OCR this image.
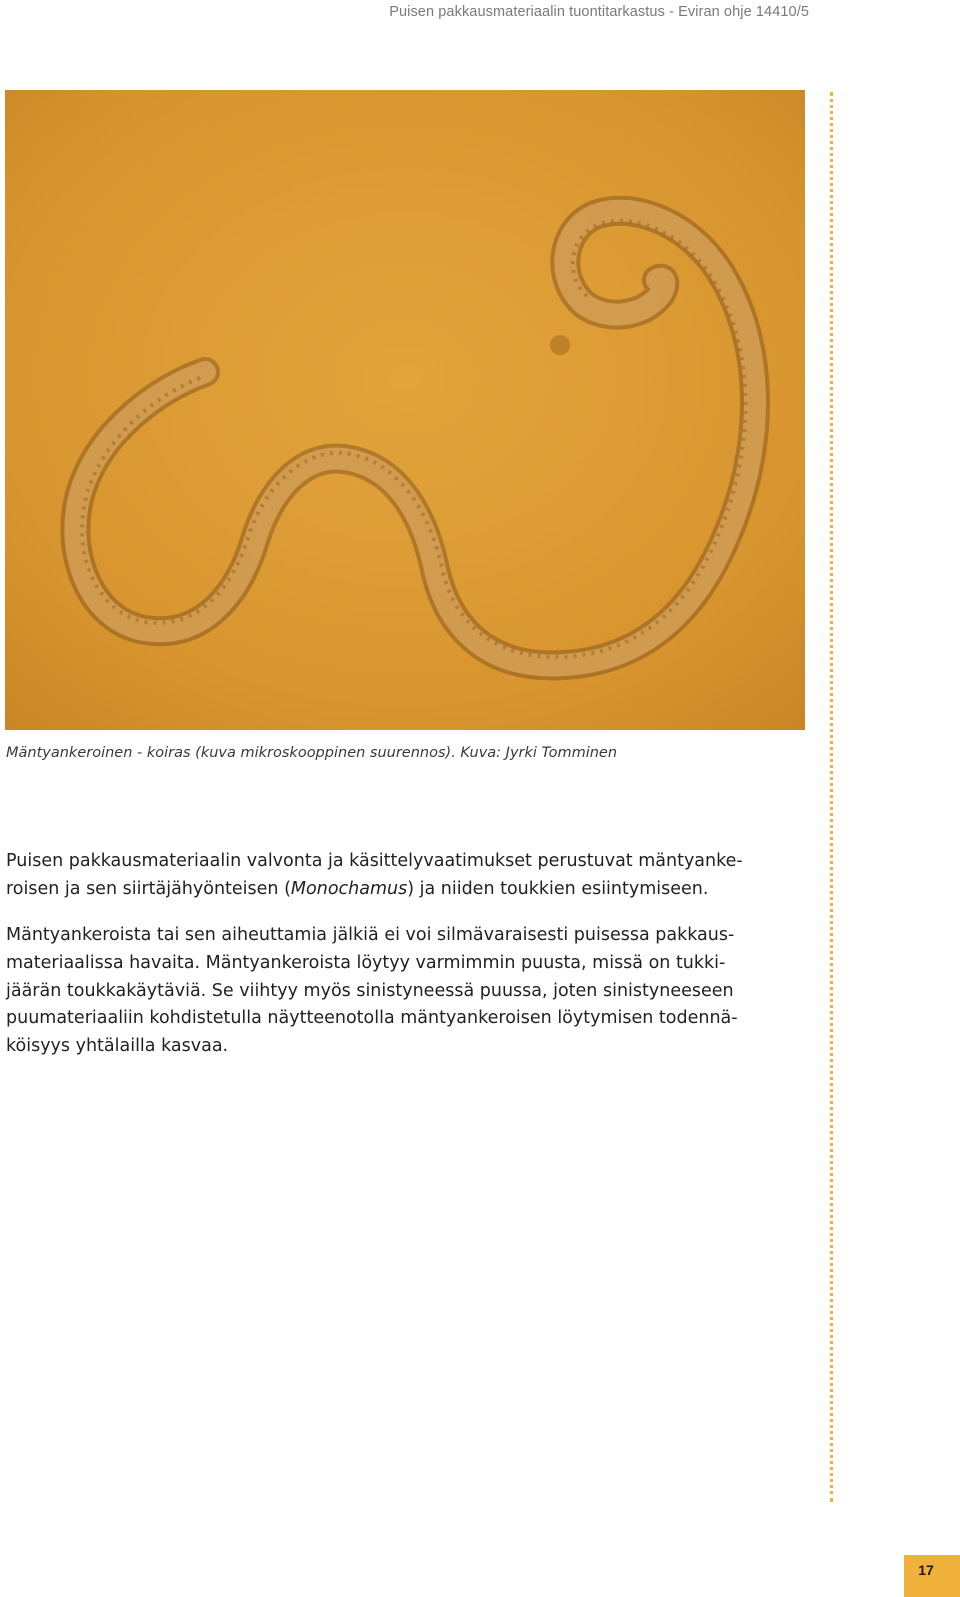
Puisen pakkausmateriaalin tuontitarkastus - Eviran ohje 14410/5
Mäntyankeroinen - koiras (kuva mikroskooppinen suurennos). Kuva: Jyrki Tomminen
Puisen pakkausmateriaalin valvonta ja käsittelyvaatimukset perustuvat mäntyanke-
roisen ja sen siirtäjähyönteisen (Monochamus) ja niiden toukkien esiintymiseen.
Mäntyankeroista tai sen aiheuttamia jälkiä ei voi silmävaraisesti puisessa pakkaus-
materiaalissa havaita. Mäntyankeroista löytyy varmimmin puusta, missä on tukki-
jäärän toukkakäytäviä. Se viihtyy myös sinistyneessä puussa, joten sinistyneeseen
puumateriaaliin kohdistetulla näytteenotolla mäntyankeroisen löytymisen todennä-
köisyys yhtälailla kasvaa.
17
